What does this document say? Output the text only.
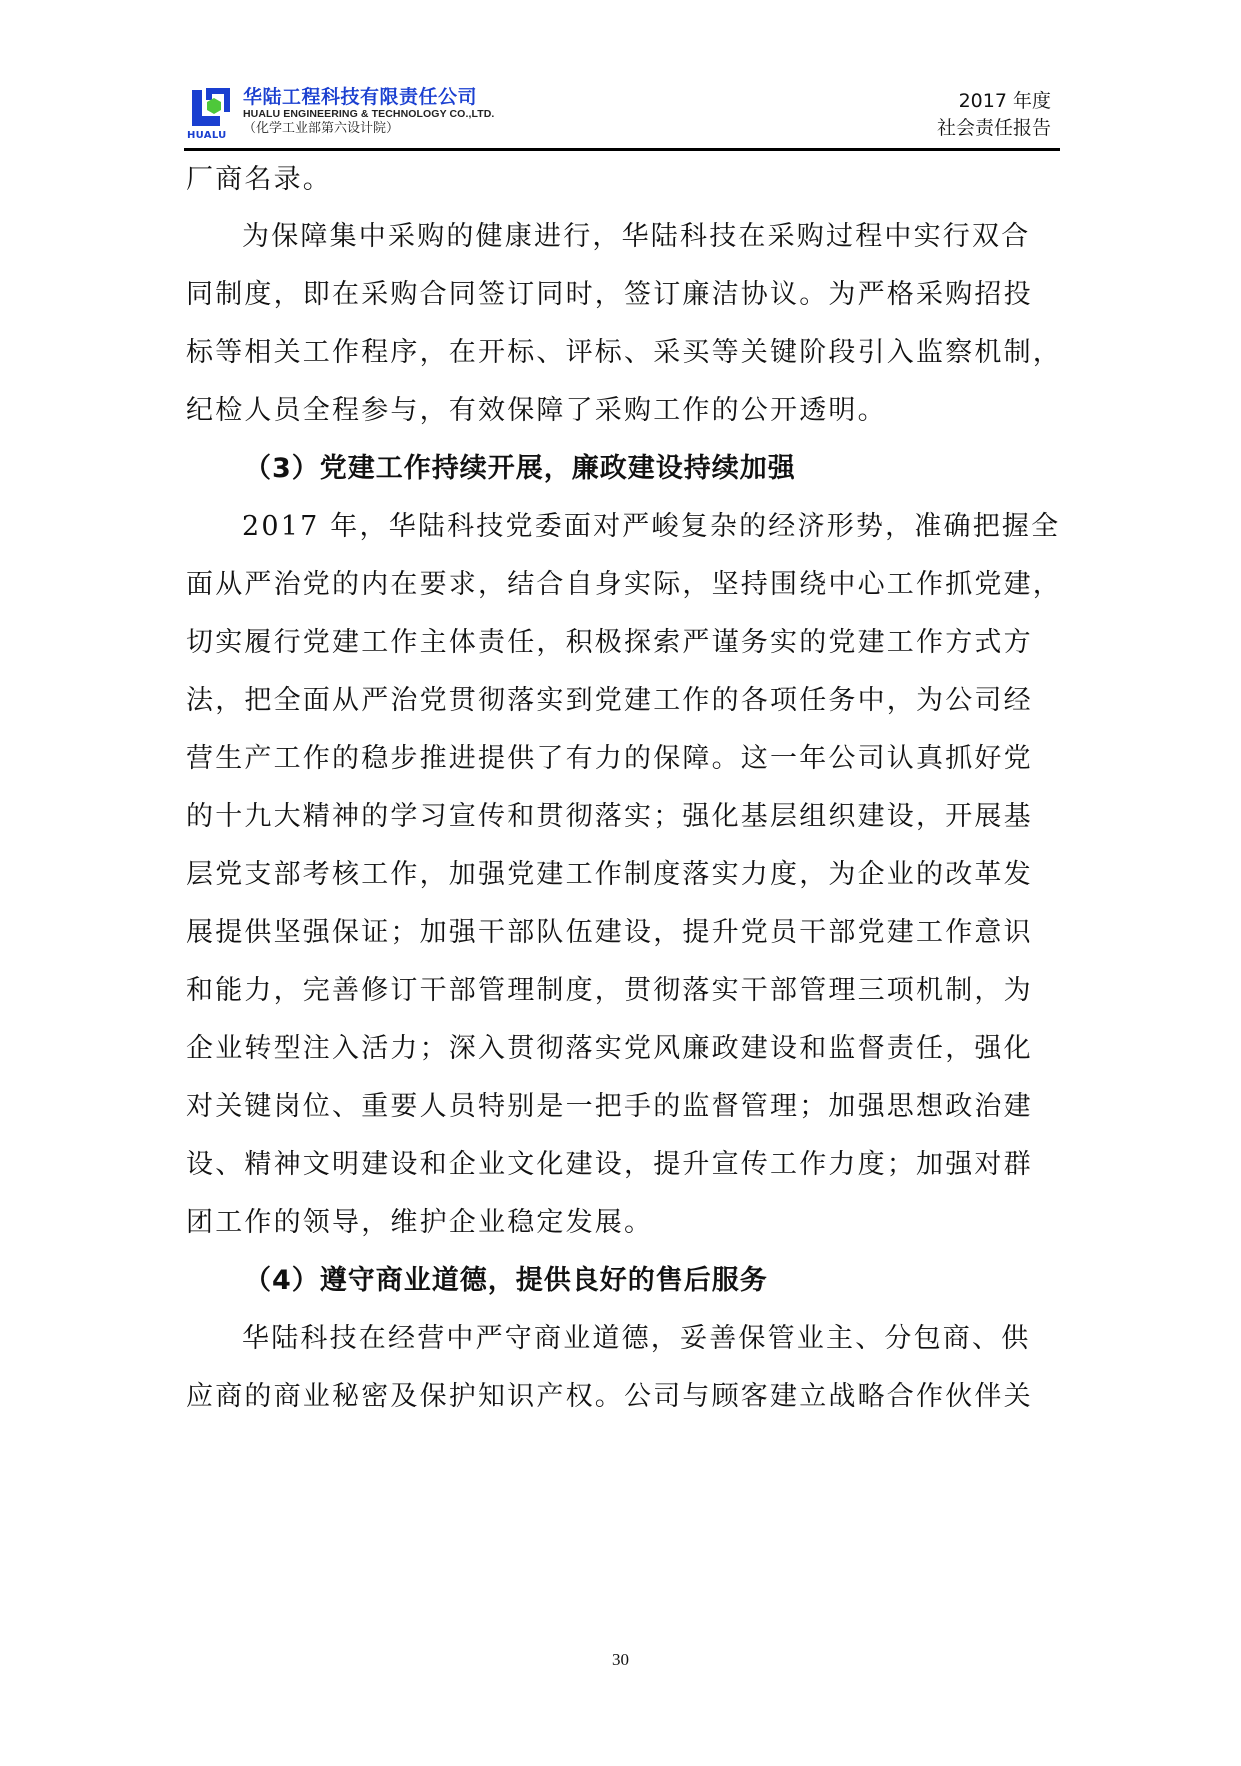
HUALU
华陆工程科技有限责任公司
HUALU ENGINEERING & TECHNOLOGY CO.,LTD.
（化学工业部第六设计院）
2017 年度
社会责任报告
厂商名录。
为保障集中采购的健康进行，华陆科技在采购过程中实行双合
同制度，即在采购合同签订同时，签订廉洁协议。为严格采购招投
标等相关工作程序，在开标、评标、采买等关键阶段引入监察机制，
纪检人员全程参与，有效保障了采购工作的公开透明。
（3）党建工作持续开展，廉政建设持续加强
2017 年，华陆科技党委面对严峻复杂的经济形势，准确把握全
面从严治党的内在要求，结合自身实际，坚持围绕中心工作抓党建，
切实履行党建工作主体责任，积极探索严谨务实的党建工作方式方
法，把全面从严治党贯彻落实到党建工作的各项任务中，为公司经
营生产工作的稳步推进提供了有力的保障。这一年公司认真抓好党
的十九大精神的学习宣传和贯彻落实；强化基层组织建设，开展基
层党支部考核工作，加强党建工作制度落实力度，为企业的改革发
展提供坚强保证；加强干部队伍建设，提升党员干部党建工作意识
和能力，完善修订干部管理制度，贯彻落实干部管理三项机制，为
企业转型注入活力；深入贯彻落实党风廉政建设和监督责任，强化
对关键岗位、重要人员特别是一把手的监督管理；加强思想政治建
设、精神文明建设和企业文化建设，提升宣传工作力度；加强对群
团工作的领导，维护企业稳定发展。
（4）遵守商业道德，提供良好的售后服务
华陆科技在经营中严守商业道德，妥善保管业主、分包商、供
应商的商业秘密及保护知识产权。公司与顾客建立战略合作伙伴关
30
